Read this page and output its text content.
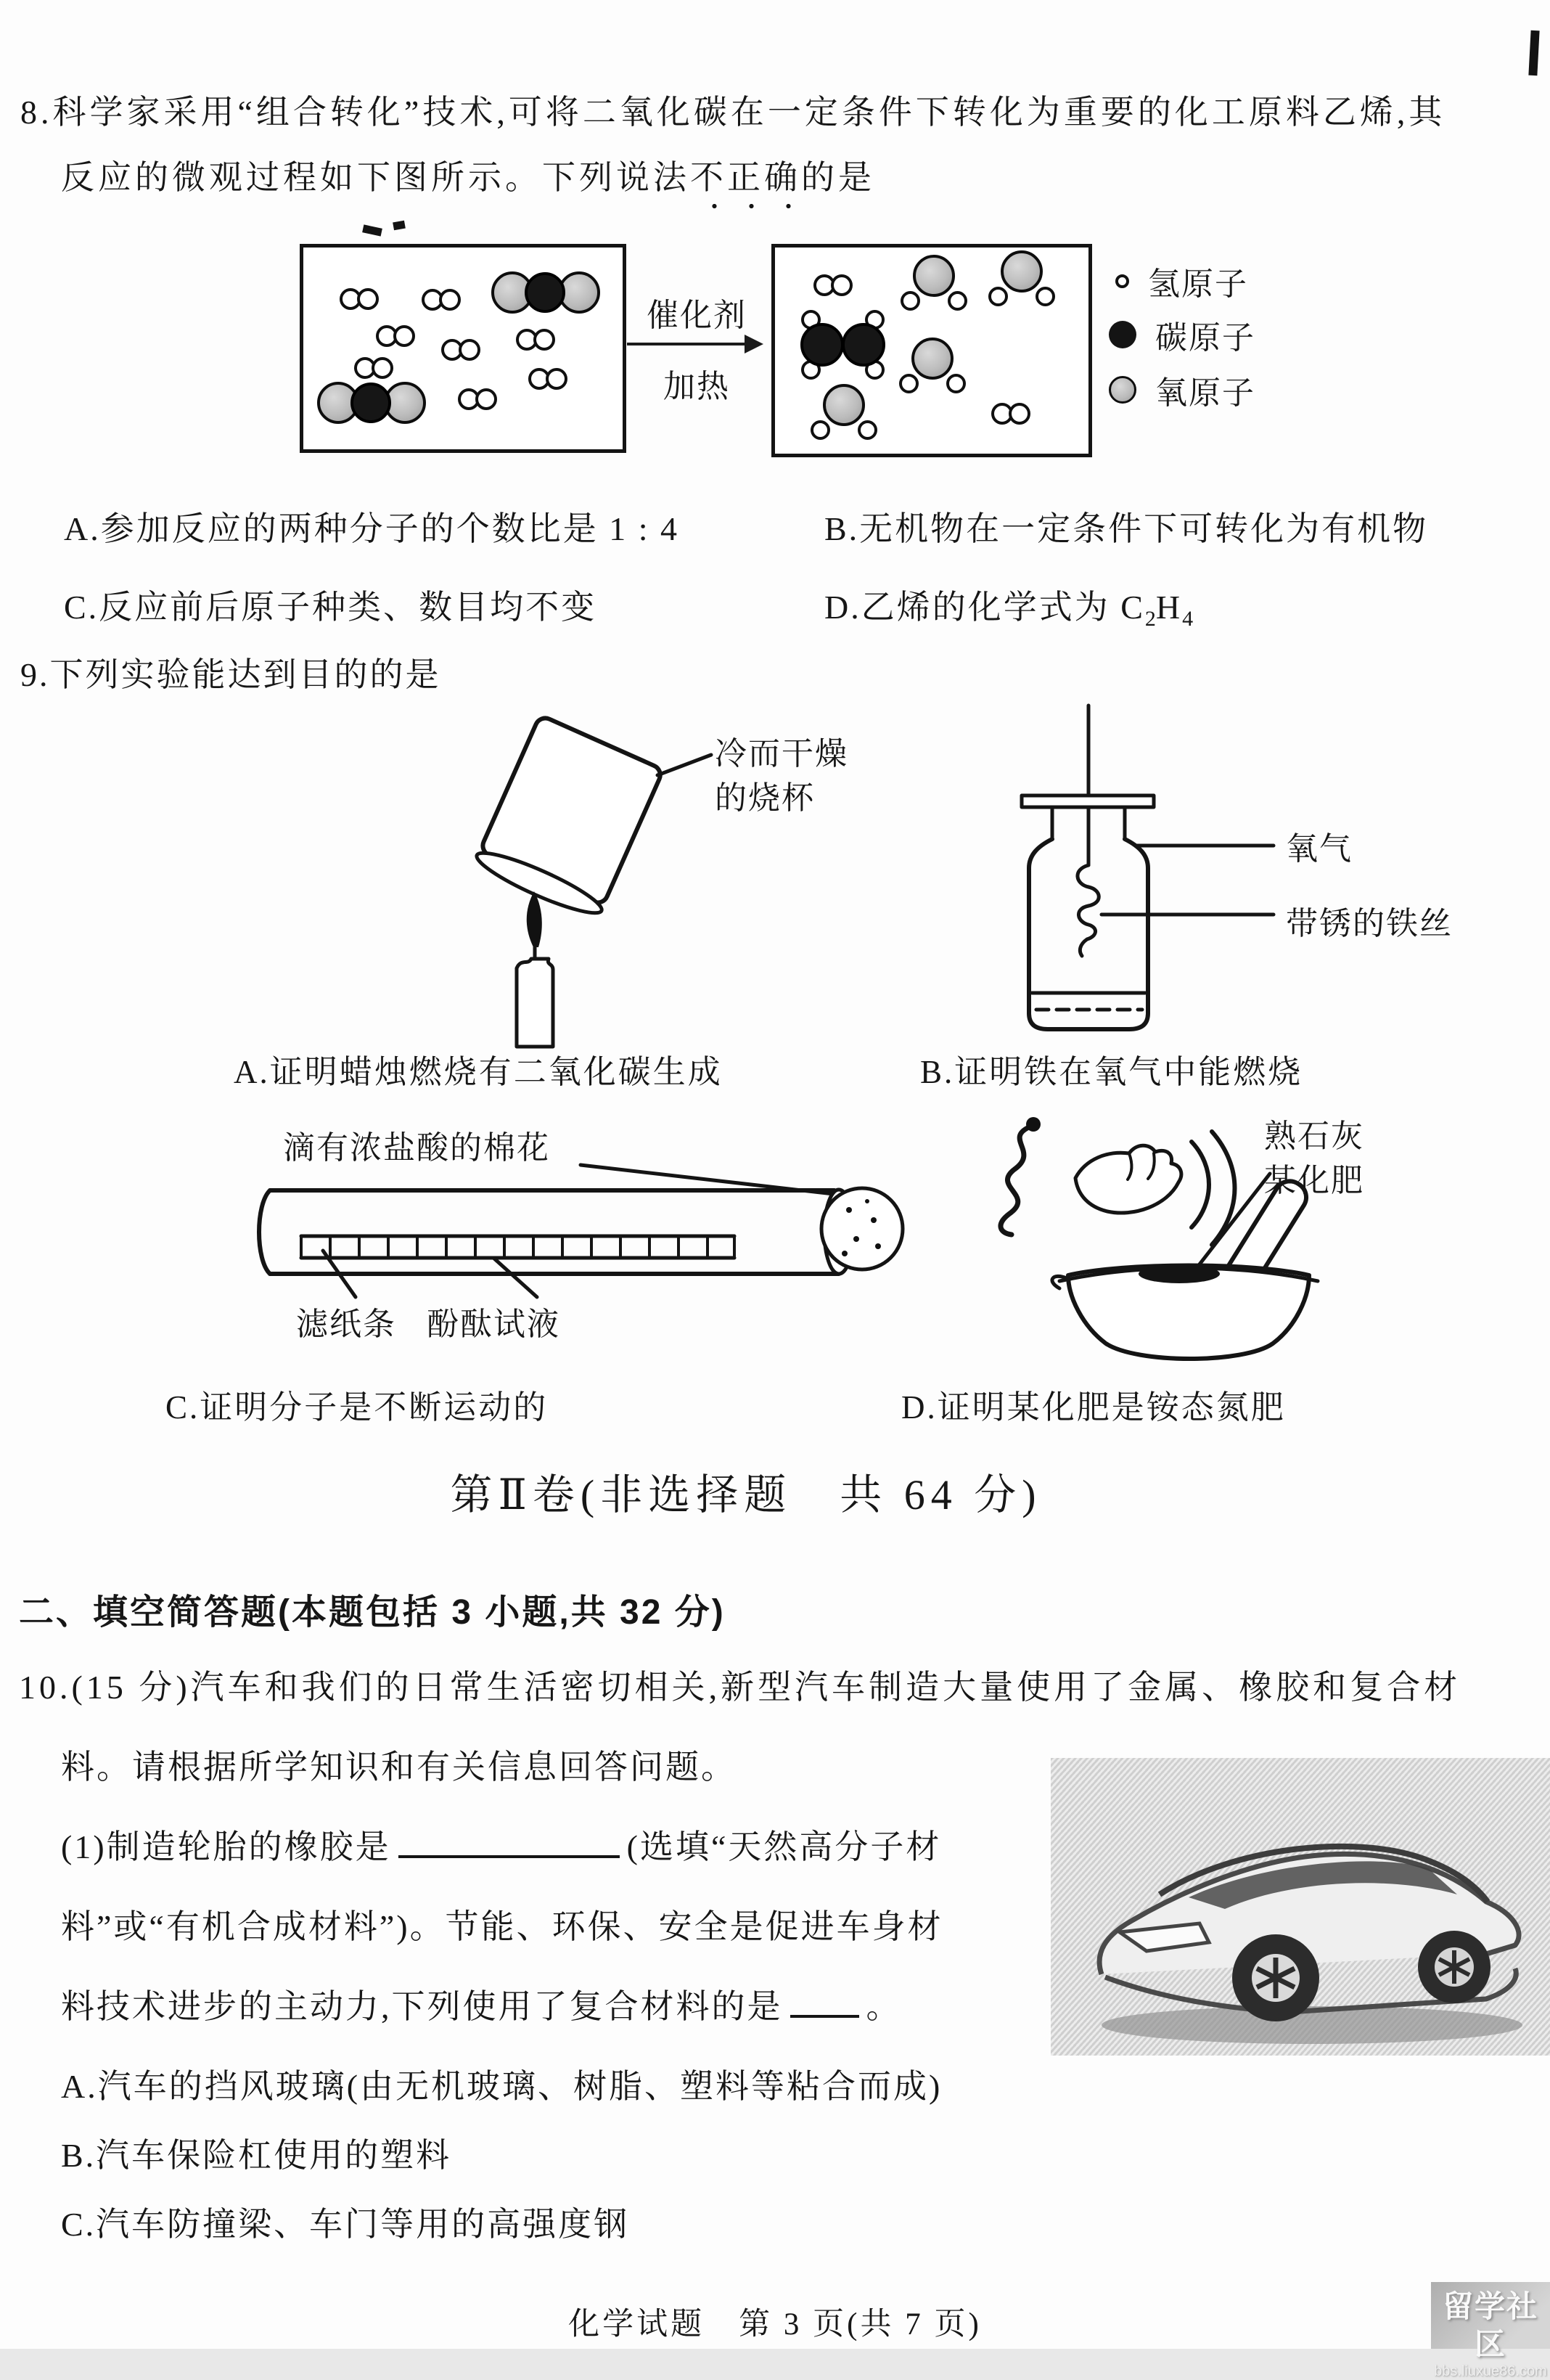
8.科学家采用“组合转化”技术,可将二氧化碳在一定条件下转化为重要的化工原料乙烯,其
反应的微观过程如下图所示。下列说法不正确的是
催化剂
加热
氢原子
碳原子
氧原子
A.参加反应的两种分子的个数比是 1 : 4	B.无机物在一定条件下可转化为有机物
C.反应前后原子种类、数目均不变	D.乙烯的化学式为 $C_2H_4$
9.下列实验能达到目的的是
冷而干燥
的烧杯
A.证明蜡烛燃烧有二氧化碳生成
氧气
带锈的铁丝
B.证明铁在氧气中能燃烧
滴有浓盐酸的棉花
滤纸条 酚酞试液
C.证明分子是不断运动的
熟石灰
某化肥
D.证明某化肥是铵态氮肥
第Ⅱ卷(非选择题　共 64 分)
二、填空简答题(本题包括 3 小题,共 32 分)
10.(15 分)汽车和我们的日常生活密切相关,新型汽车制造大量使用了金属、橡胶和复合材
料。请根据所学知识和有关信息回答问题。
(1)制造轮胎的橡胶是	(选填“天然高分子材
料”或“有机合成材料”)。节能、环保、安全是促进车身材
料技术进步的主动力,下列使用了复合材料的是	。
A.汽车的挡风玻璃(由无机玻璃、树脂、塑料等粘合而成)
B.汽车保险杠使用的塑料
C.汽车防撞梁、车门等用的高强度钢
化学试题　第 3 页(共 7 页)
留学社区
bbs.liuxue86.com
